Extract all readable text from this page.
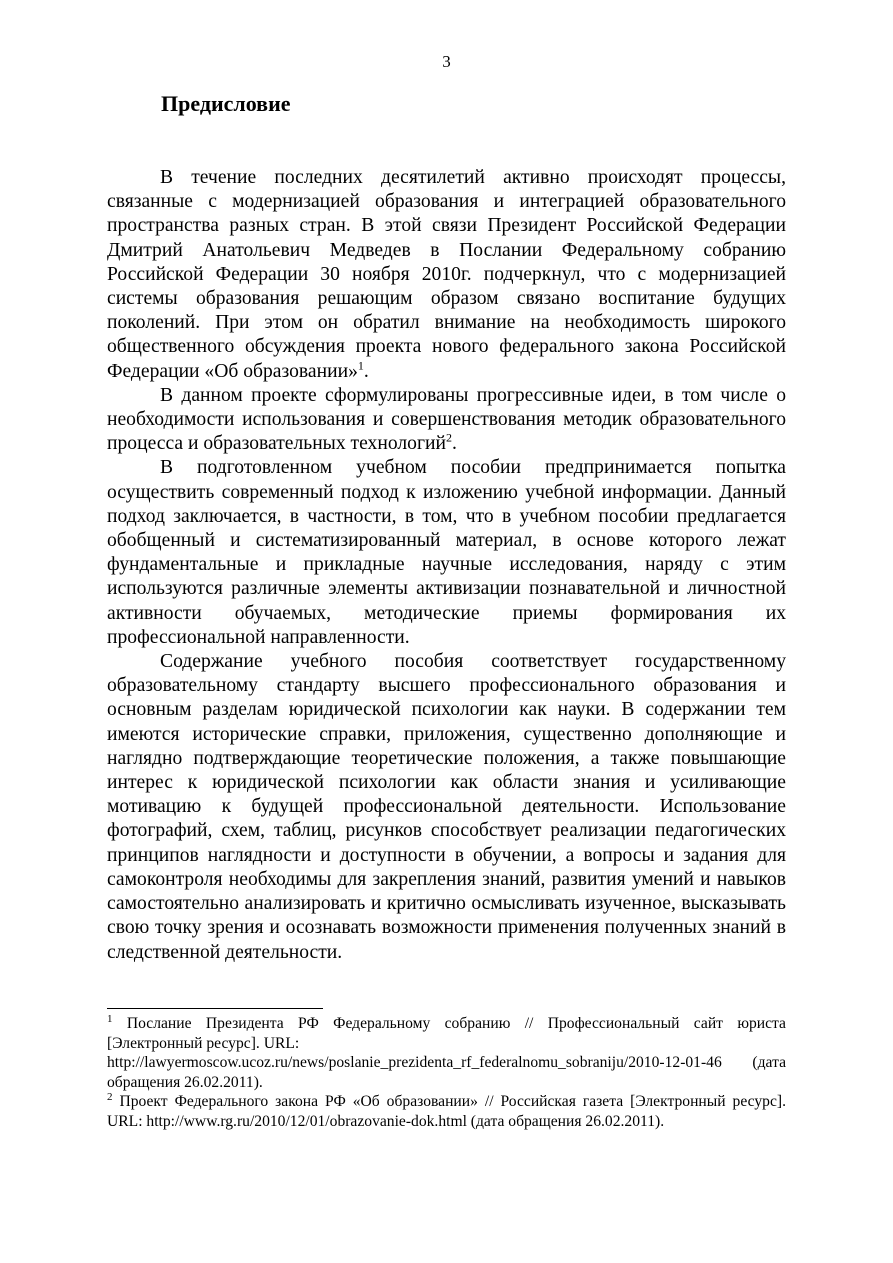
3
Предисловие

В течение последних десятилетий активно происходят процессы, связанные с модернизацией образования и интеграцией образовательного пространства разных стран. В этой связи Президент Российской Федерации Дмитрий Анатольевич Медведев в Послании Федеральному собранию Российской Федерации 30 ноября 2010г. подчеркнул, что с модернизацией системы образования решающим образом связано воспитание будущих поколений. При этом он обратил внимание на необходимость широкого общественного обсуждения проекта нового федерального закона Российской Федерации «Об образовании»$^1$.

В данном проекте сформулированы прогрессивные идеи, в том числе о необходимости использования и совершенствования методик образовательного процесса и образовательных технологий$^2$.

В подготовленном учебном пособии предпринимается попытка осуществить современный подход к изложению учебной информации. Данный подход заключается, в частности, в том, что в учебном пособии предлагается обобщенный и систематизированный материал, в основе которого лежат фундаментальные и прикладные научные исследования, наряду с этим используются различные элементы активизации познавательной и личностной активности обучаемых, методические приемы формирования их профессиональной направленности.

Содержание учебного пособия соответствует государственному образовательному стандарту высшего профессионального образования и основным разделам юридической психологии как науки. В содержании тем имеются исторические справки, приложения, существенно дополняющие и наглядно подтверждающие теоретические положения, а также повышающие интерес к юридической психологии как области знания и усиливающие мотивацию к будущей профессиональной деятельности. Использование фотографий, схем, таблиц, рисунков способствует реализации педагогических принципов наглядности и доступности в обучении, а вопросы и задания для самоконтроля необходимы для закрепления знаний, развития умений и навыков самостоятельно анализировать и критично осмысливать изученное, высказывать свою точку зрения и осознавать возможности применения полученных знаний в следственной деятельности.

$^1$ Послание Президента РФ Федеральному собранию // Профессиональный сайт юриста [Электронный ресурс]. URL:
http://lawyermoscow.ucoz.ru/news/poslanie_prezidenta_rf_federalnomu_sobraniju/2010-12-01-46 (дата обращения 26.02.2011).
$^2$ Проект Федерального закона РФ «Об образовании» // Российская газета [Электронный ресурс]. URL: http://www.rg.ru/2010/12/01/obrazovanie-dok.html (дата обращения 26.02.2011).
